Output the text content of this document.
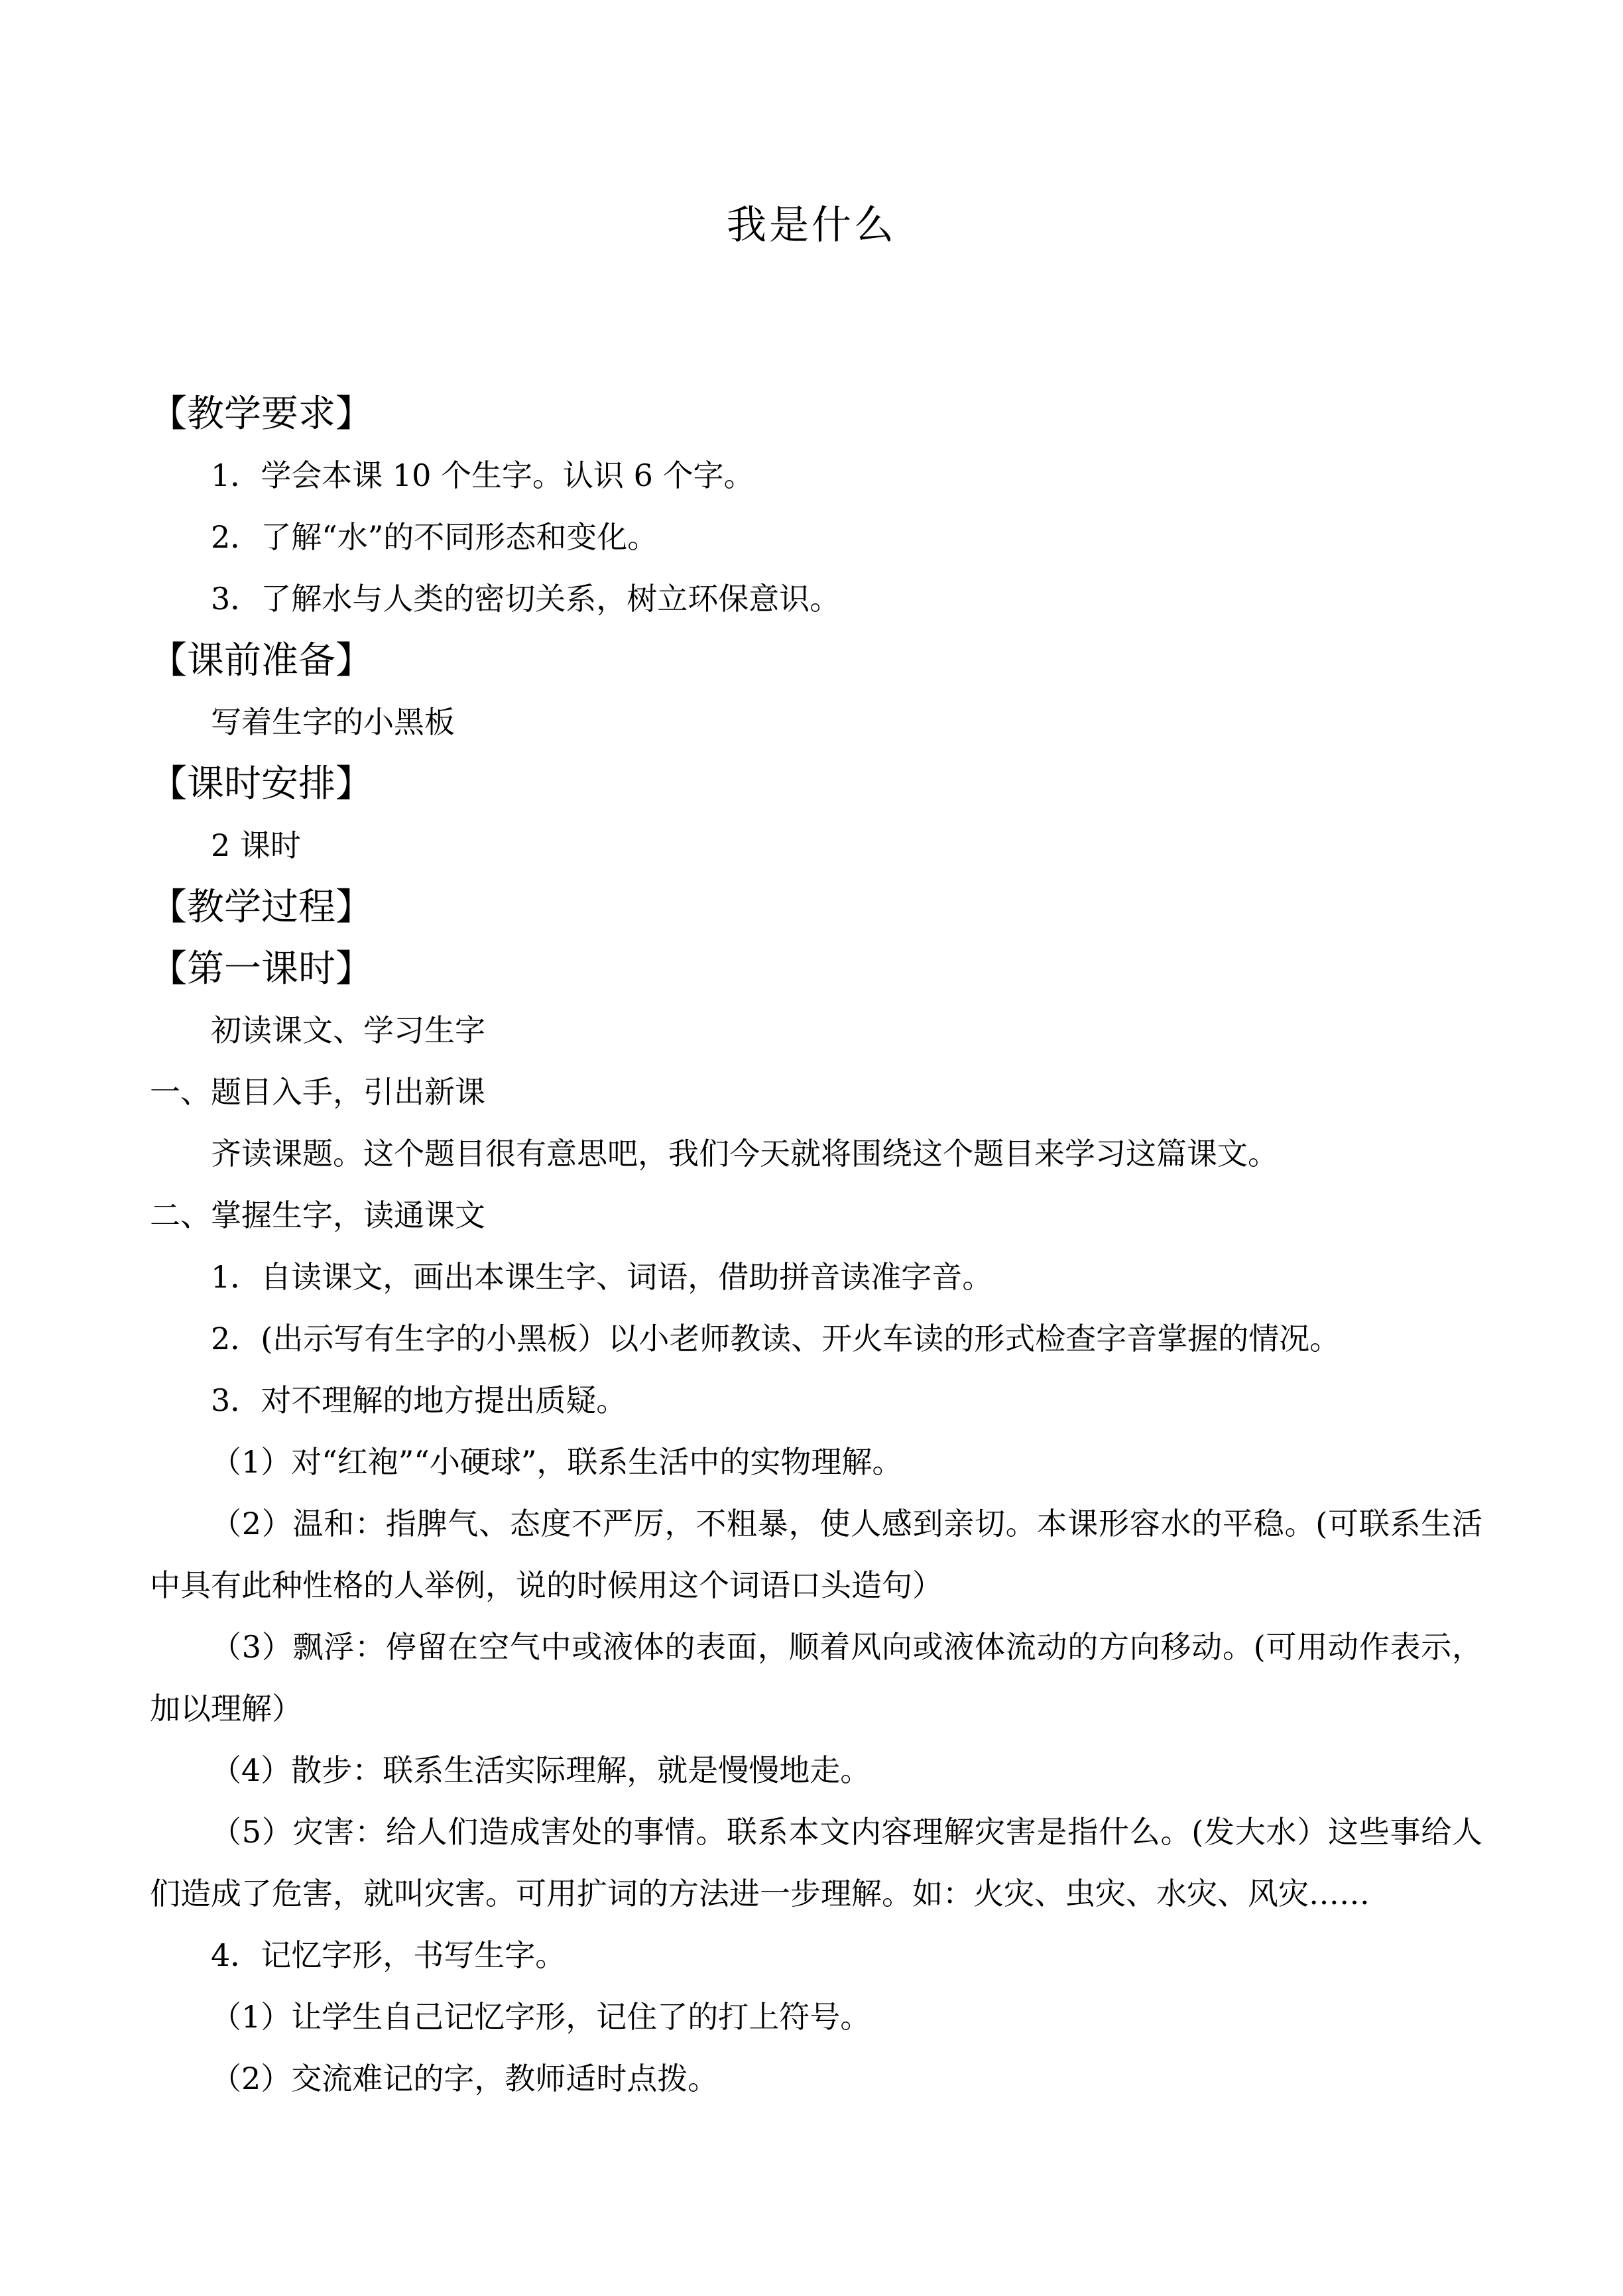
我是什么
【教学要求】
1．学会本课 10 个生字。认识 6 个字。
2．了解“水”的不同形态和变化。
3．了解水与人类的密切关系，树立环保意识。
【课前准备】
写着生字的小黑板
【课时安排】
2 课时
【教学过程】
【第一课时】
初读课文、学习生字
一、题目入手，引出新课
齐读课题。这个题目很有意思吧，我们今天就将围绕这个题目来学习这篇课文。
二、掌握生字，读通课文
1．自读课文，画出本课生字、词语，借助拼音读准字音。
2．(出示写有生字的小黑板）以小老师教读、开火车读的形式检查字音掌握的情况。
3．对不理解的地方提出质疑。
（1）对“红袍”“小硬球”，联系生活中的实物理解。
（2）温和：指脾气、态度不严厉，不粗暴，使人感到亲切。本课形容水的平稳。(可联系生活中具有此种性格的人举例，说的时候用这个词语口头造句）
（3）飘浮：停留在空气中或液体的表面，顺着风向或液体流动的方向移动。(可用动作表示，加以理解）
（4）散步：联系生活实际理解，就是慢慢地走。
（5）灾害：给人们造成害处的事情。联系本文内容理解灾害是指什么。(发大水）这些事给人们造成了危害，就叫灾害。可用扩词的方法进一步理解。如：火灾、虫灾、水灾、风灾……
4．记忆字形，书写生字。
（1）让学生自己记忆字形，记住了的打上符号。
（2）交流难记的字，教师适时点拨。
